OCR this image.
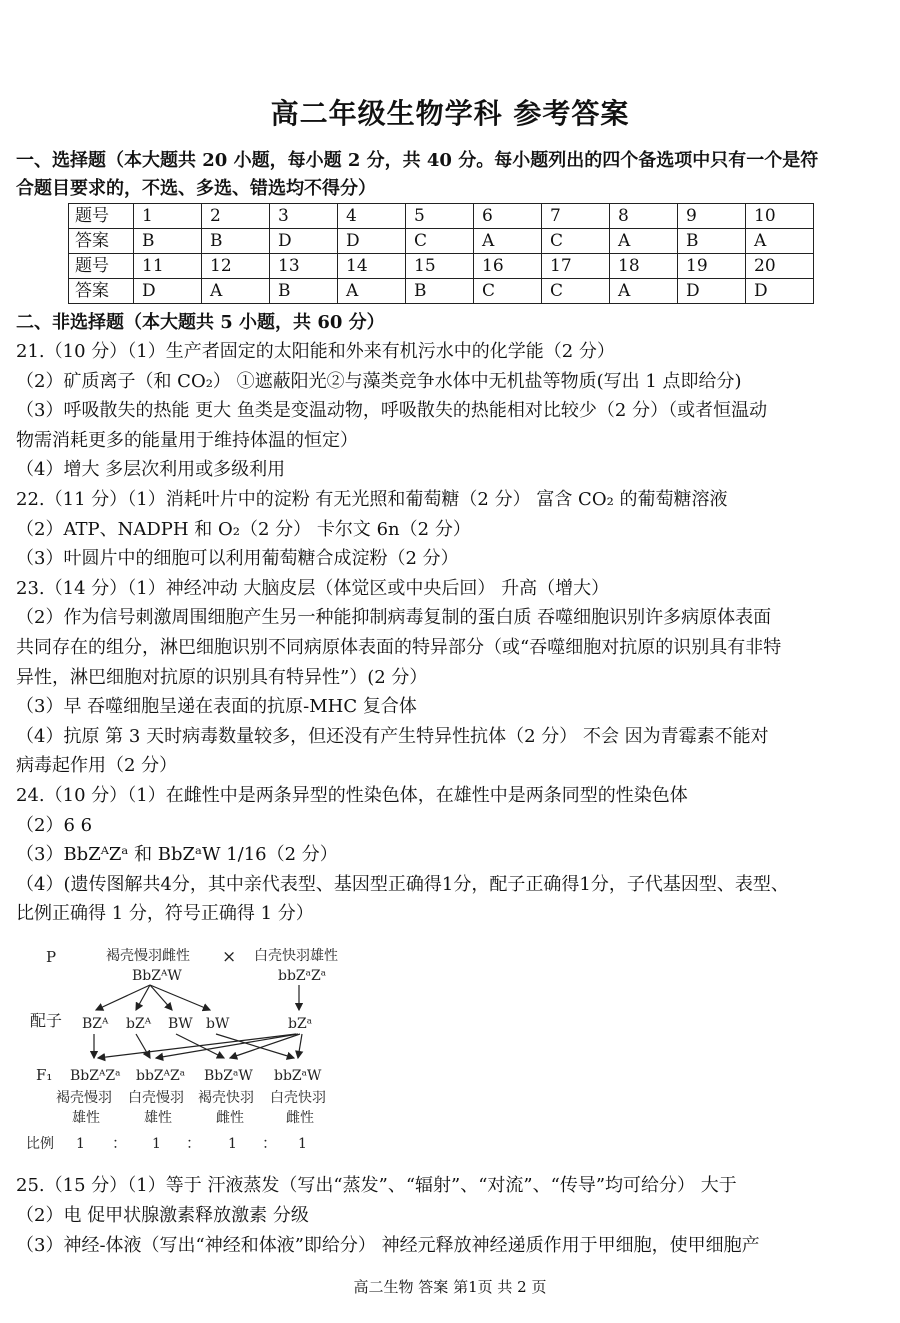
高二年级生物学科 参考答案
一、选择题（本大题共 20 小题，每小题 2 分，共 40 分。每小题列出的四个备选项中只有一个是符
合题目要求的，不选、多选、错选均不得分）
题号	1	2	3	4	5	6	7	8	9	10
答案	B	B	D	D	C	A	C	A	B	A
题号	11	12	13	14	15	16	17	18	19	20
答案	D	A	B	A	B	C	C	A	D	D
二、非选择题（本大题共 5 小题，共 60 分）
21.（10 分）（1）生产者固定的太阳能和外来有机污水中的化学能（2 分）
（2）矿质离子（和 CO₂） ①遮蔽阳光②与藻类竞争水体中无机盐等物质(写出 1 点即给分)
（3）呼吸散失的热能 更大 鱼类是变温动物，呼吸散失的热能相对比较少（2 分）（或者恒温动
物需消耗更多的能量用于维持体温的恒定）
（4）增大 多层次利用或多级利用
22.（11 分）（1）消耗叶片中的淀粉 有无光照和葡萄糖（2 分） 富含 CO₂ 的葡萄糖溶液
（2）ATP、NADPH 和 O₂（2 分） 卡尔文 6n（2 分）
（3）叶圆片中的细胞可以利用葡萄糖合成淀粉（2 分）
23.（14 分）（1）神经冲动 大脑皮层（体觉区或中央后回） 升高（增大）
（2）作为信号刺激周围细胞产生另一种能抑制病毒复制的蛋白质 吞噬细胞识别许多病原体表面
共同存在的组分，淋巴细胞识别不同病原体表面的特异部分（或“吞噬细胞对抗原的识别具有非特
异性，淋巴细胞对抗原的识别具有特异性”）(2 分）
（3）早 吞噬细胞呈递在表面的抗原-MHC 复合体
（4）抗原 第 3 天时病毒数量较多，但还没有产生特异性抗体（2 分） 不会 因为青霉素不能对
病毒起作用（2 分）
24.（10 分）（1）在雌性中是两条异型的性染色体，在雄性中是两条同型的性染色体
（2）6 6
（3）BbZᴬZᵃ 和 BbZᵃW 1/16（2 分）
（4）(遗传图解共4分，其中亲代表型、基因型正确得1分，配子正确得1分，子代基因型、表型、
比例正确得 1 分，符号正确得 1 分）
25.（15 分）（1）等于 汗液蒸发（写出“蒸发”、“辐射”、“对流”、“传导”均可给分） 大于
（2）电 促甲状腺激素释放激素 分级
（3）神经-体液（写出“神经和体液”即给分） 神经元释放神经递质作用于甲细胞，使甲细胞产
P	褐壳慢羽雌性
BbZᴬW
× 白壳快羽雄性
bbZᵃZᵃ
配子 BZᴬ bZᴬ BW bW	bZᵃ
F₁ BbZᴬZᵃ bbZᴬZᵃ BbZᵃW bbZᵃW
褐壳慢羽 白壳慢羽 褐壳快羽 白壳快羽
雄性	雄性	雌性	雌性
比例 1 ： 1 ： 1 ： 1
高二生物 答案 第1页 共 2 页
